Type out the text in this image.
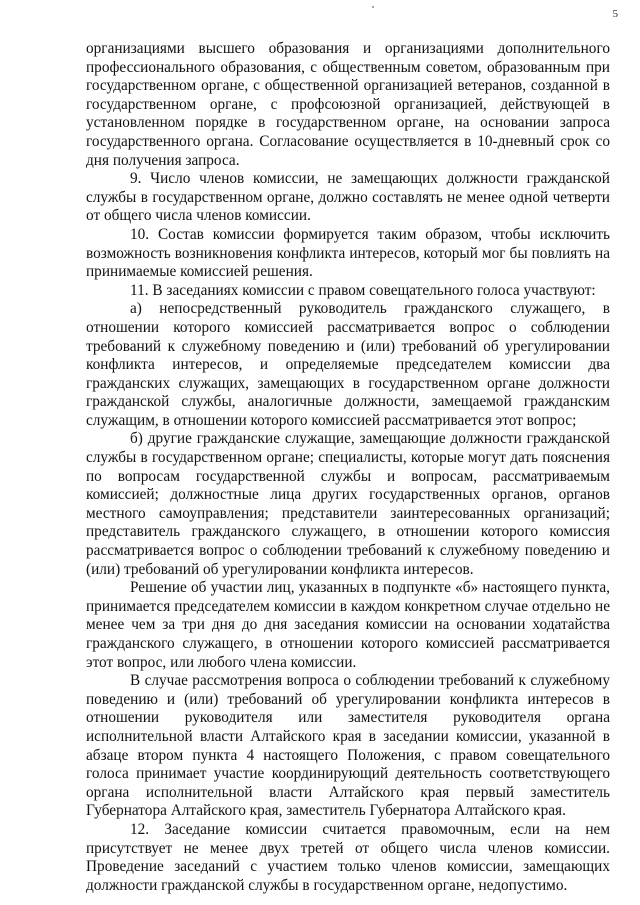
5

организациями высшего образования и организациями дополнительного профессионального образования, с общественным советом, образованным при государственном органе, с общественной организацией ветеранов, созданной в государственном органе, с профсоюзной организацией, действующей в установленном порядке в государственном органе, на основании запроса государственного органа. Согласование осуществляется в 10-дневный срок со дня получения запроса.

9. Число членов комиссии, не замещающих должности гражданской службы в государственном органе, должно составлять не менее одной четверти от общего числа членов комиссии.

10. Состав комиссии формируется таким образом, чтобы исключить возможность возникновения конфликта интересов, который мог бы повлиять на принимаемые комиссией решения.

11. В заседаниях комиссии с правом совещательного голоса участвуют:

а) непосредственный руководитель гражданского служащего, в отношении которого комиссией рассматривается вопрос о соблюдении требований к служебному поведению и (или) требований об урегулировании конфликта интересов, и определяемые председателем комиссии два гражданских служащих, замещающих в государственном органе должности гражданской службы, аналогичные должности, замещаемой гражданским служащим, в отношении которого комиссией рассматривается этот вопрос;

б) другие гражданские служащие, замещающие должности гражданской службы в государственном органе; специалисты, которые могут дать пояснения по вопросам государственной службы и вопросам, рассматриваемым комиссией; должностные лица других государственных органов, органов местного самоуправления; представители заинтересованных организаций; представитель гражданского служащего, в отношении которого комиссия рассматривается вопрос о соблюдении требований к служебному поведению и (или) требований об урегулировании конфликта интересов.

Решение об участии лиц, указанных в подпункте «б» настоящего пункта, принимается председателем комиссии в каждом конкретном случае отдельно не менее чем за три дня до дня заседания комиссии на основании ходатайства гражданского служащего, в отношении которого комиссией рассматривается этот вопрос, или любого члена комиссии.

В случае рассмотрения вопроса о соблюдении требований к служебному поведению и (или) требований об урегулировании конфликта интересов в отношении руководителя или заместителя руководителя органа исполнительной власти Алтайского края в заседании комиссии, указанной в абзаце втором пункта 4 настоящего Положения, с правом совещательного голоса принимает участие координирующий деятельность соответствующего органа исполнительной власти Алтайского края первый заместитель Губернатора Алтайского края, заместитель Губернатора Алтайского края.

12. Заседание комиссии считается правомочным, если на нем присутствует не менее двух третей от общего числа членов комиссии. Проведение заседаний с участием только членов комиссии, замещающих должности гражданской службы в государственном органе, недопустимо.
